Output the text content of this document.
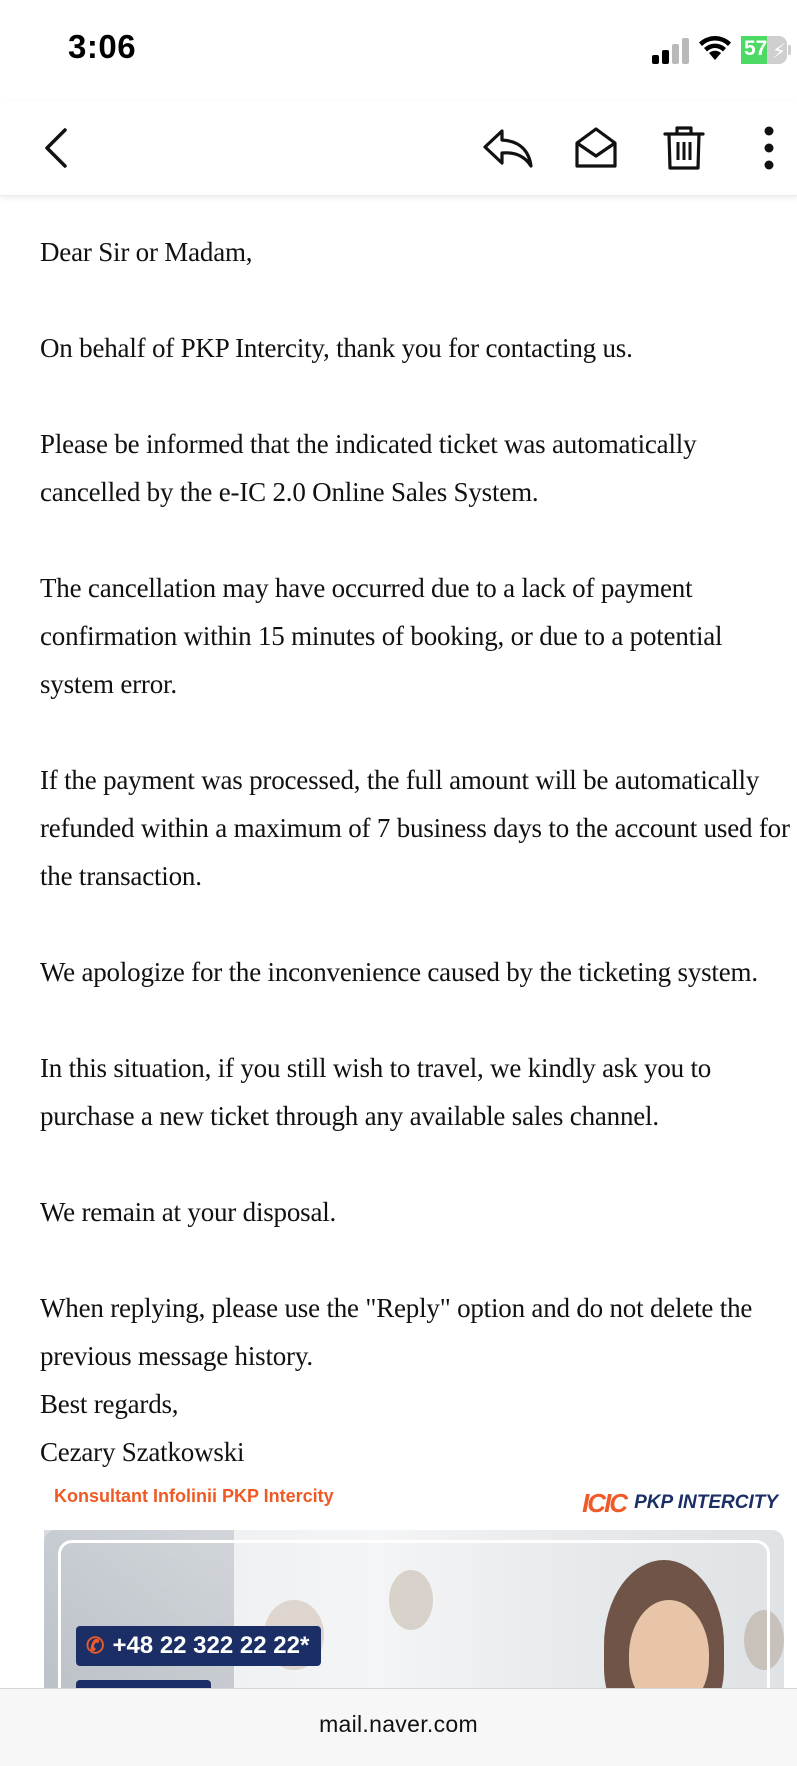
3:06	57 ⚡

Dear Sir or Madam,

On behalf of PKP Intercity, thank you for contacting us.

Please be informed that the indicated ticket was automatically cancelled by the e-IC 2.0 Online Sales System.

The cancellation may have occurred due to a lack of payment confirmation within 15 minutes of booking, or due to a potential system error.

If the payment was processed, the full amount will be automatically refunded within a maximum of 7 business days to the account used for the transaction.

We apologize for the inconvenience caused by the ticketing system.

In this situation, if you still wish to travel, we kindly ask you to purchase a new ticket through any available sales channel.

We remain at your disposal.

When replying, please use the "Reply" option and do not delete the previous message history.

Best regards,

Cezary Szatkowski

Konsultant Infolinii PKP Intercity	ICIC PKP INTERCITY
✆ +48 22 322 22 22*
mail.naver.com
